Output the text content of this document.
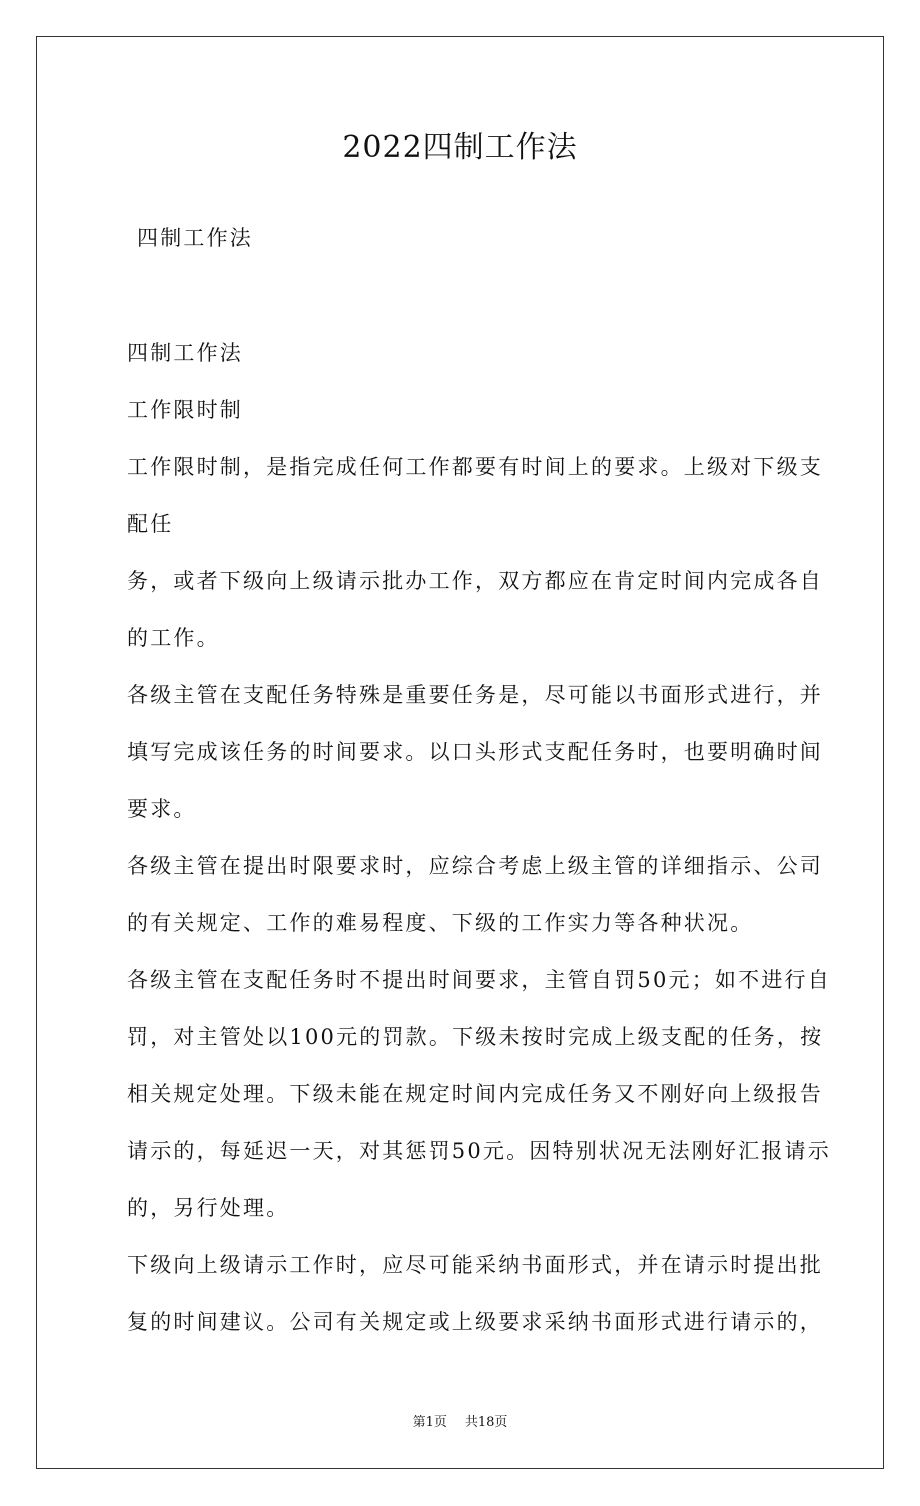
2022四制工作法
四制工作法
四制工作法
工作限时制
工作限时制，是指完成任何工作都要有时间上的要求。上级对下级支
配任
务，或者下级向上级请示批办工作，双方都应在肯定时间内完成各自
的工作。
各级主管在支配任务特殊是重要任务是，尽可能以书面形式进行，并
填写完成该任务的时间要求。以口头形式支配任务时，也要明确时间
要求。
各级主管在提出时限要求时，应综合考虑上级主管的详细指示、公司
的有关规定、工作的难易程度、下级的工作实力等各种状况。
各级主管在支配任务时不提出时间要求，主管自罚50元；如不进行自
罚，对主管处以100元的罚款。下级未按时完成上级支配的任务，按
相关规定处理。下级未能在规定时间内完成任务又不刚好向上级报告
请示的，每延迟一天，对其惩罚50元。因特别状况无法刚好汇报请示
的，另行处理。
下级向上级请示工作时，应尽可能采纳书面形式，并在请示时提出批
复的时间建议。公司有关规定或上级要求采纳书面形式进行请示的，
第1页 共18页
